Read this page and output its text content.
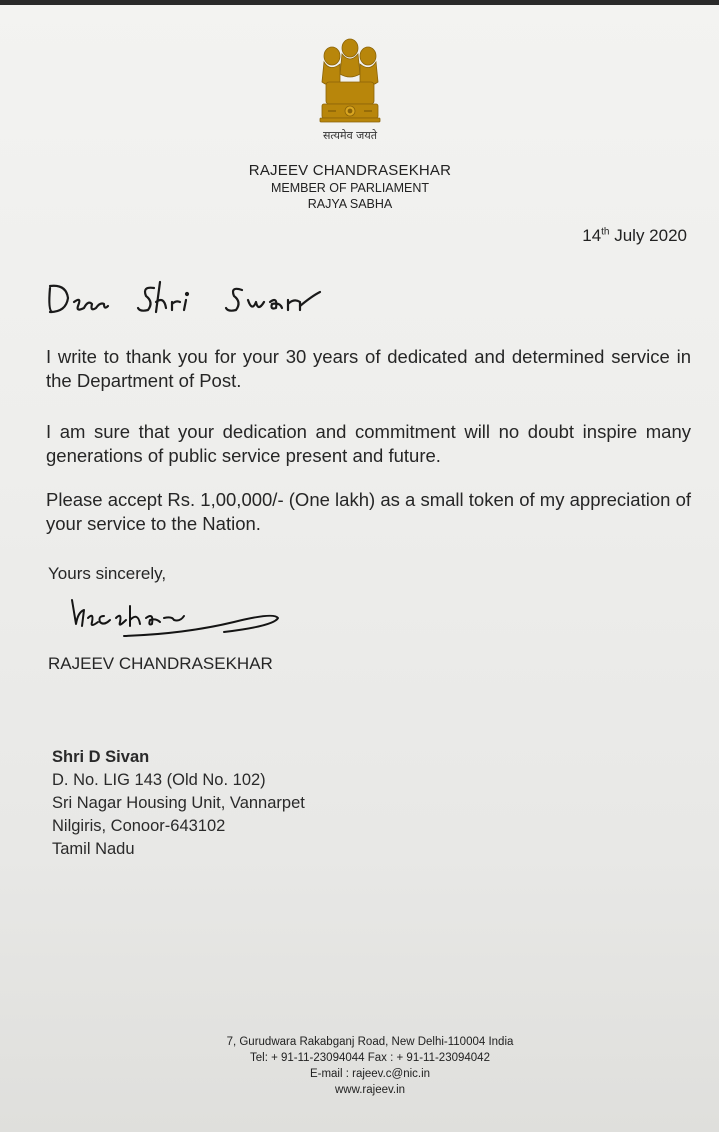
सत्यमेव जयते
RAJEEV CHANDRASEKHAR
MEMBER OF PARLIAMENT
RAJYA SABHA
14th July 2020
I write to thank you for your 30 years of dedicated and determined service in the Department of Post.
I am sure that your dedication and commitment will no doubt inspire many generations of public service present and future.
Please accept Rs. 1,00,000/- (One lakh) as a small token of my appreciation of your service to the Nation.
Yours sincerely,
RAJEEV CHANDRASEKHAR
Shri D Sivan
D. No. LIG 143 (Old No. 102)
Sri Nagar Housing Unit, Vannarpet
Nilgiris, Conoor-643102
Tamil Nadu
7, Gurudwara Rakabganj Road, New Delhi-110004 India
Tel: + 91-11-23094044 Fax : + 91-11-23094042
E-mail : rajeev.c@nic.in
www.rajeev.in
